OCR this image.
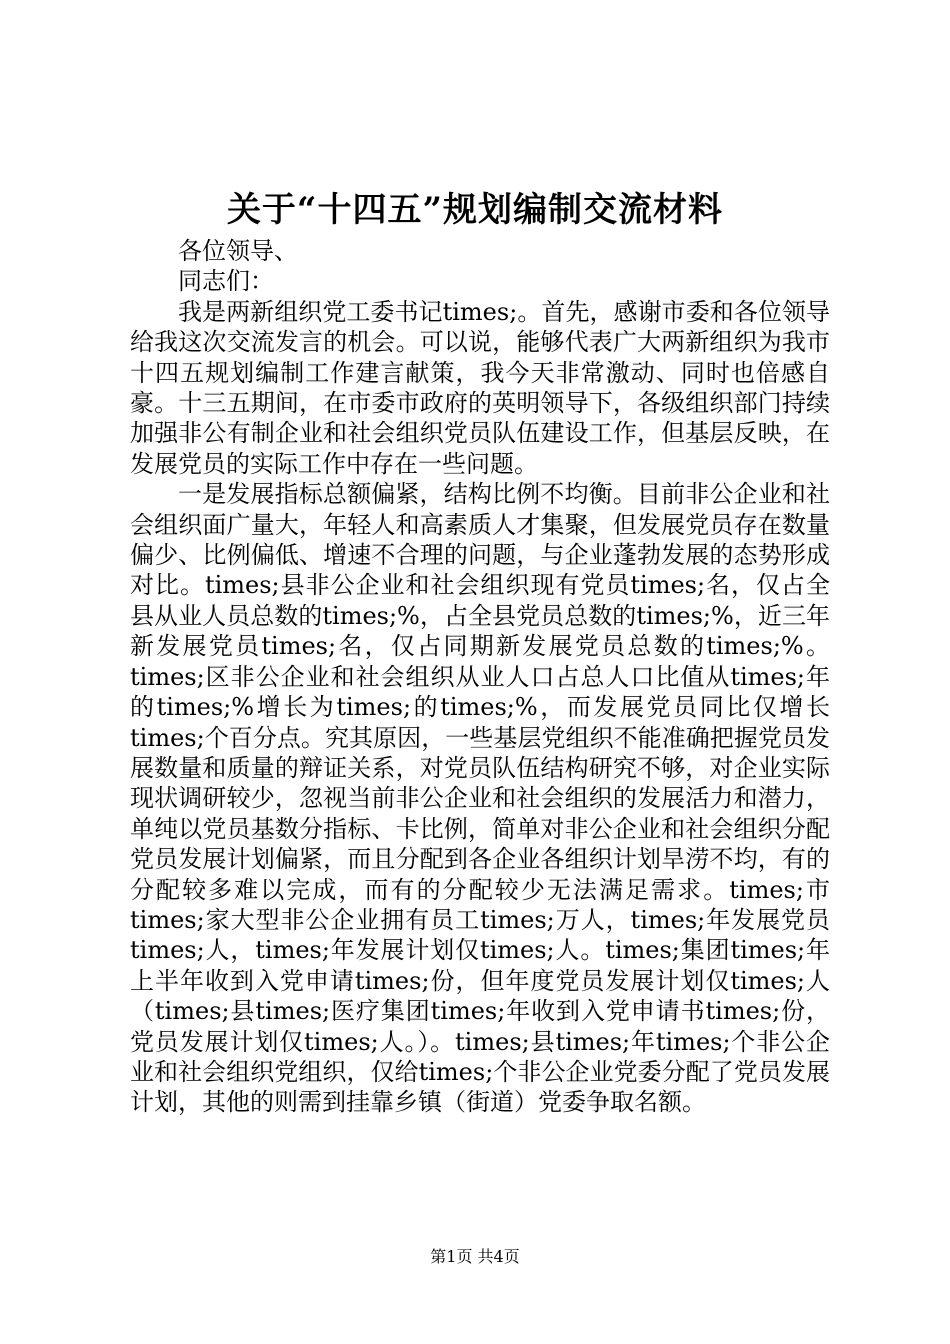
关于“十四五”规划编制交流材料

各位领导、

同志们：

我是两新组织党工委书记times;。首先，感谢市委和各位领导给我这次交流发言的机会。可以说，能够代表广大两新组织为我市十四五规划编制工作建言献策，我今天非常激动、同时也倍感自豪。十三五期间，在市委市政府的英明领导下，各级组织部门持续加强非公有制企业和社会组织党员队伍建设工作，但基层反映，在发展党员的实际工作中存在一些问题。

一是发展指标总额偏紧，结构比例不均衡。目前非公企业和社会组织面广量大，年轻人和高素质人才集聚，但发展党员存在数量偏少、比例偏低、增速不合理的问题，与企业蓬勃发展的态势形成对比。times;县非公企业和社会组织现有党员times;名，仅占全县从业人员总数的times;%，占全县党员总数的times;%，近三年新发展党员times;名，仅占同期新发展党员总数的times;%。times;区非公企业和社会组织从业人口占总人口比值从times;年的times;%增长为times;的times;%，而发展党员同比仅增长times;个百分点。究其原因，一些基层党组织不能准确把握党员发展数量和质量的辩证关系，对党员队伍结构研究不够，对企业实际现状调研较少，忽视当前非公企业和社会组织的发展活力和潜力，单纯以党员基数分指标、卡比例，简单对非公企业和社会组织分配党员发展计划偏紧，而且分配到各企业各组织计划旱涝不均，有的分配较多难以完成，而有的分配较少无法满足需求。times;市times;家大型非公企业拥有员工times;万人，times;年发展党员times;人，times;年发展计划仅times;人。times;集团times;年上半年收到入党申请times;份，但年度党员发展计划仅times;人（times;县times;医疗集团times;年收到入党申请书times;份，党员发展计划仅times;人。）。times;县times;年times;个非公企业和社会组织党组织，仅给times;个非公企业党委分配了党员发展计划，其他的则需到挂靠乡镇（街道）党委争取名额。

第1页 共4页
